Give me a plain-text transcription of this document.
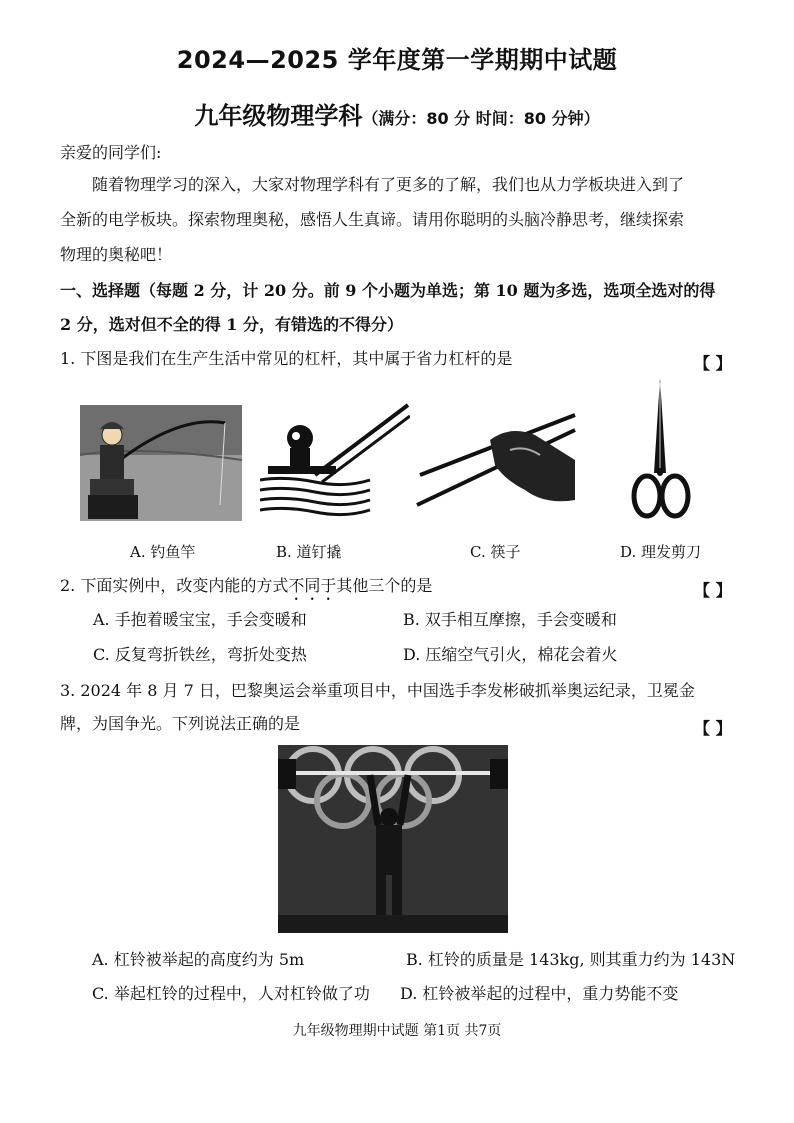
2024—2025 学年度第一学期期中试题
九年级物理学科（满分：80 分 时间：80 分钟）
亲爱的同学们:
随着物理学习的深入，大家对物理学科有了更多的了解，我们也从力学板块进入到了
全新的电学板块。探索物理奥秘，感悟人生真谛。请用你聪明的头脑冷静思考，继续探索
物理的奥秘吧！
一、选择题（每题 2 分，计 20 分。前 9 个小题为单选；第 10 题为多选，选项全选对的得
2 分，选对但不全的得 1 分，有错选的不得分）
1. 下图是我们在生产生活中常见的杠杆，其中属于省力杠杆的是	【 】
A. 钓鱼竿	B. 道钉撬	C. 筷子	D. 理发剪刀
2. 下面实例中，改变内能的方式不同于其他三个的是	【 】
A. 手抱着暖宝宝，手会变暖和	B. 双手相互摩擦，手会变暖和
C. 反复弯折铁丝，弯折处变热	D. 压缩空气引火，棉花会着火
3. 2024 年 8 月 7 日，巴黎奥运会举重项目中，中国选手李发彬破抓举奥运纪录，卫冕金
牌，为国争光。下列说法正确的是	【 】
A. 杠铃被举起的高度约为 5m	B. 杠铃的质量是 143kg, 则其重力约为 143N
C. 举起杠铃的过程中，人对杠铃做了功 D. 杠铃被举起的过程中，重力势能不变
九年级物理期中试题 第1页 共7页
